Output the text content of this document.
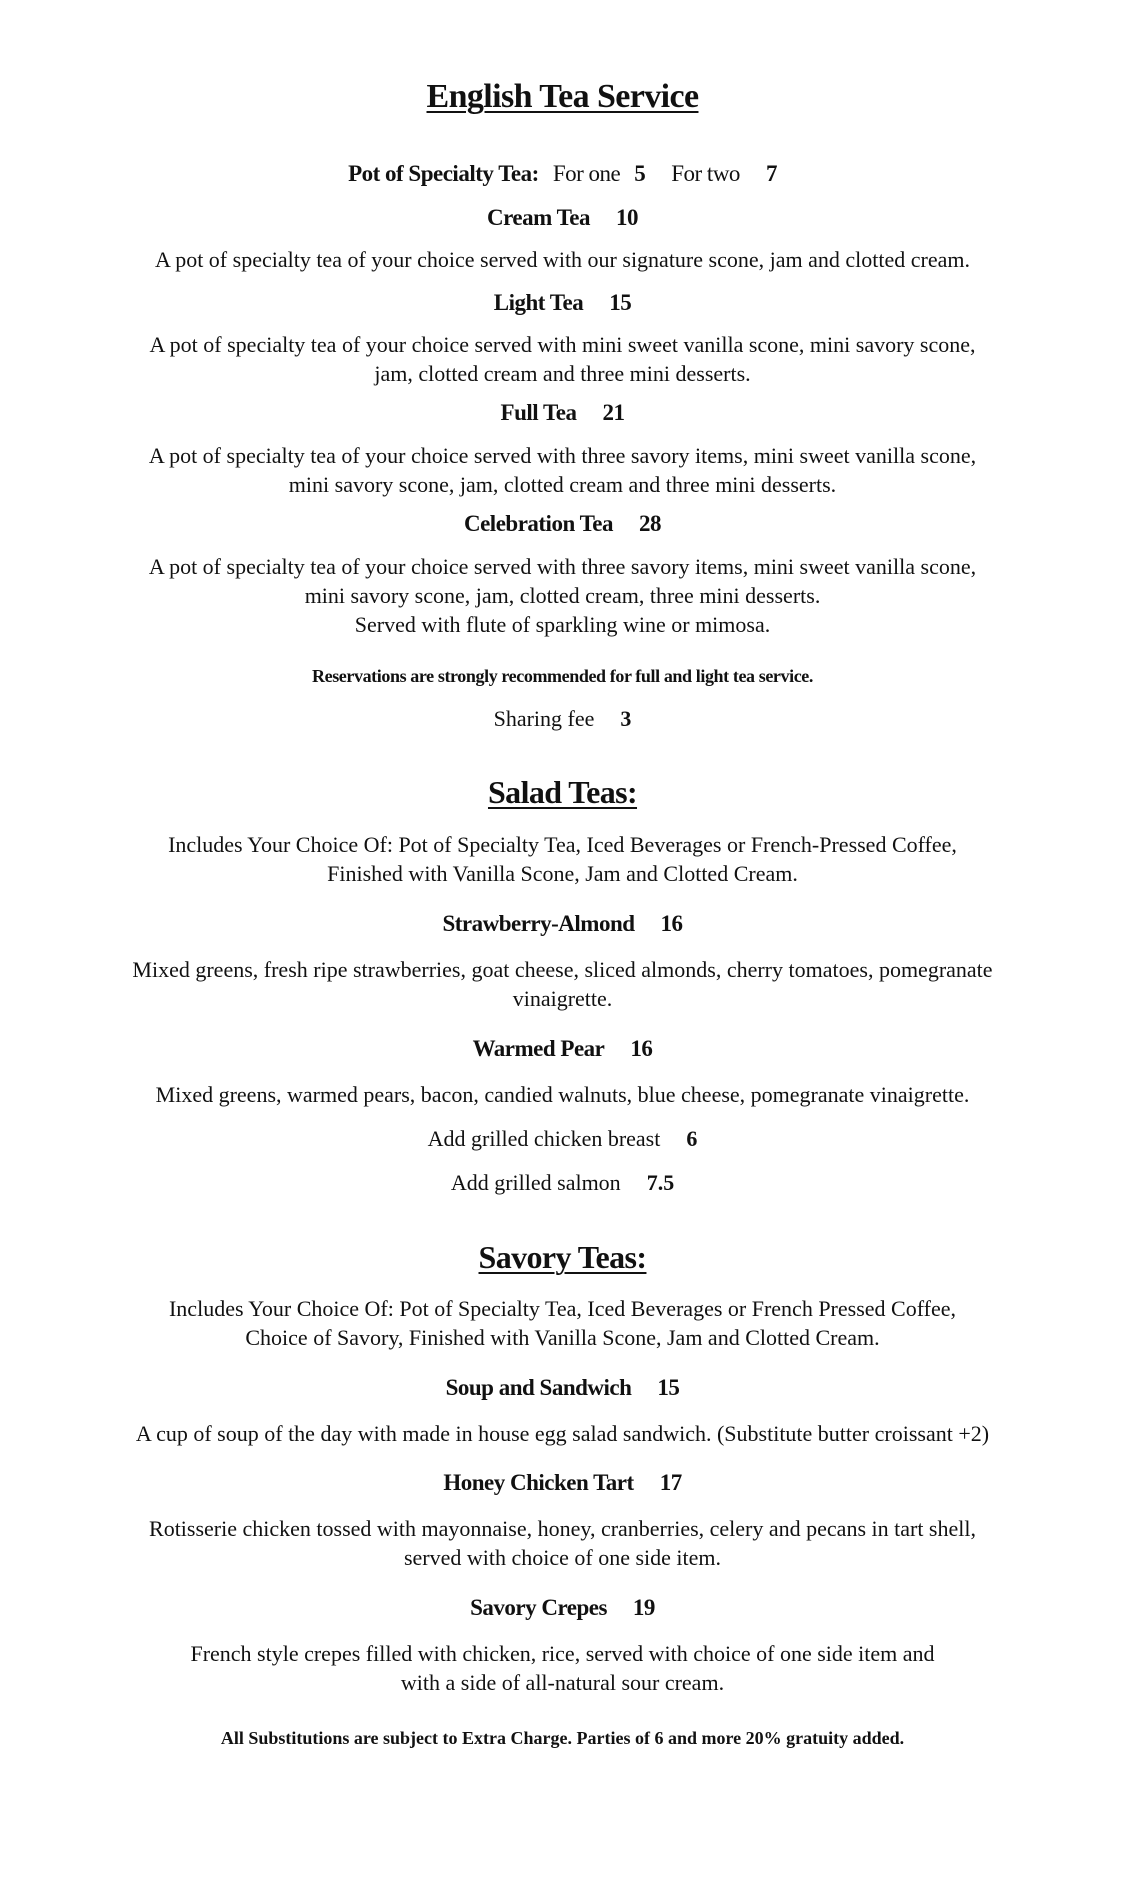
English Tea Service
Pot of Specialty Tea: For one 5 For two 7
Cream Tea 10
A pot of specialty tea of your choice served with our signature scone, jam and clotted cream.
Light Tea 15
A pot of specialty tea of your choice served with mini sweet vanilla scone, mini savory scone,
jam, clotted cream and three mini desserts.
Full Tea 21
A pot of specialty tea of your choice served with three savory items, mini sweet vanilla scone,
mini savory scone, jam, clotted cream and three mini desserts.
Celebration Tea 28
A pot of specialty tea of your choice served with three savory items, mini sweet vanilla scone,
mini savory scone, jam, clotted cream, three mini desserts.
Served with flute of sparkling wine or mimosa.
Reservations are strongly recommended for full and light tea service.
Sharing fee 3
Salad Teas:
Includes Your Choice Of: Pot of Specialty Tea, Iced Beverages or French-Pressed Coffee,
Finished with Vanilla Scone, Jam and Clotted Cream.
Strawberry-Almond 16
Mixed greens, fresh ripe strawberries, goat cheese, sliced almonds, cherry tomatoes, pomegranate
vinaigrette.
Warmed Pear 16
Mixed greens, warmed pears, bacon, candied walnuts, blue cheese, pomegranate vinaigrette.
Add grilled chicken breast 6
Add grilled salmon 7.5
Savory Teas:
Includes Your Choice Of: Pot of Specialty Tea, Iced Beverages or French Pressed Coffee,
Choice of Savory, Finished with Vanilla Scone, Jam and Clotted Cream.
Soup and Sandwich 15
A cup of soup of the day with made in house egg salad sandwich. (Substitute butter croissant +2)
Honey Chicken Tart 17
Rotisserie chicken tossed with mayonnaise, honey, cranberries, celery and pecans in tart shell,
served with choice of one side item.
Savory Crepes 19
French style crepes filled with chicken, rice, served with choice of one side item and
with a side of all-natural sour cream.
All Substitutions are subject to Extra Charge. Parties of 6 and more 20% gratuity added.
